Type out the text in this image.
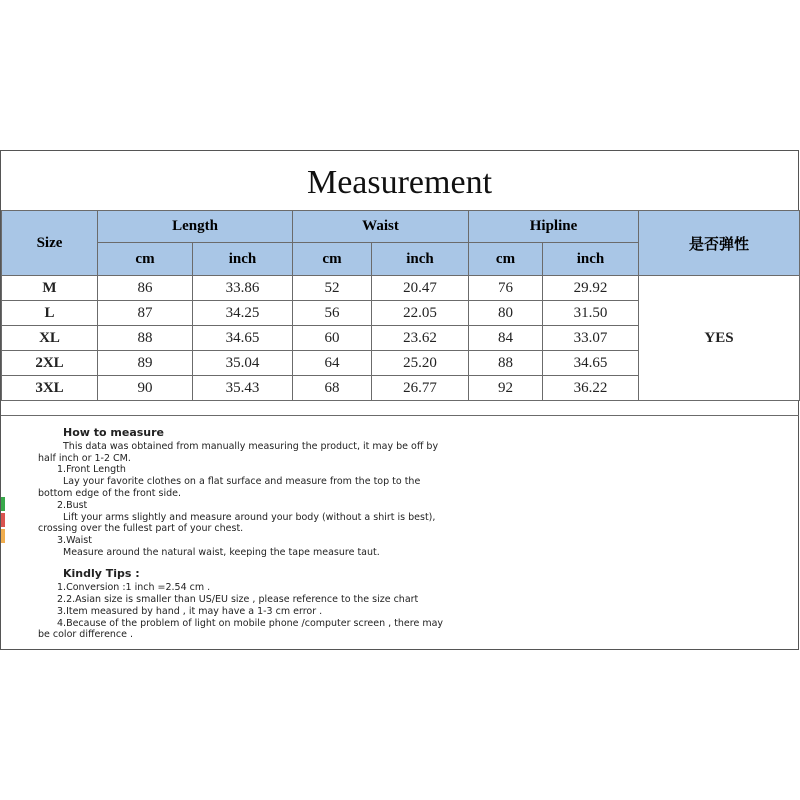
Measurement
Size	Length		Waist		Hipline		是否弹性
	cm	inch	cm	inch	cm	inch	
M	86	33.86	52	20.47	76	29.92	YES
L	87	34.25	56	22.05	80	31.50	
XL	88	34.65	60	23.62	84	33.07	
2XL	89	35.04	64	25.20	88	34.65	
3XL	90	35.43	68	26.77	92	36.22	
How to measure
This data was obtained from manually measuring the product, it may be off by
half inch or 1-2 CM.
1.Front Length
Lay your favorite clothes on a flat surface and measure from the top to the
bottom edge of the front side.
2.Bust
Lift your arms slightly and measure around your body (without a shirt is best),
crossing over the fullest part of your chest.
3.Waist
Measure around the natural waist, keeping the tape measure taut.
Kindly Tips :
1.Conversion :1 inch =2.54 cm .
2.2.Asian size is smaller than US/EU size , please reference to the size chart
3.Item measured by hand , it may have a 1-3 cm error .
4.Because of the problem of light on mobile phone /computer screen , there may
be color difference .
